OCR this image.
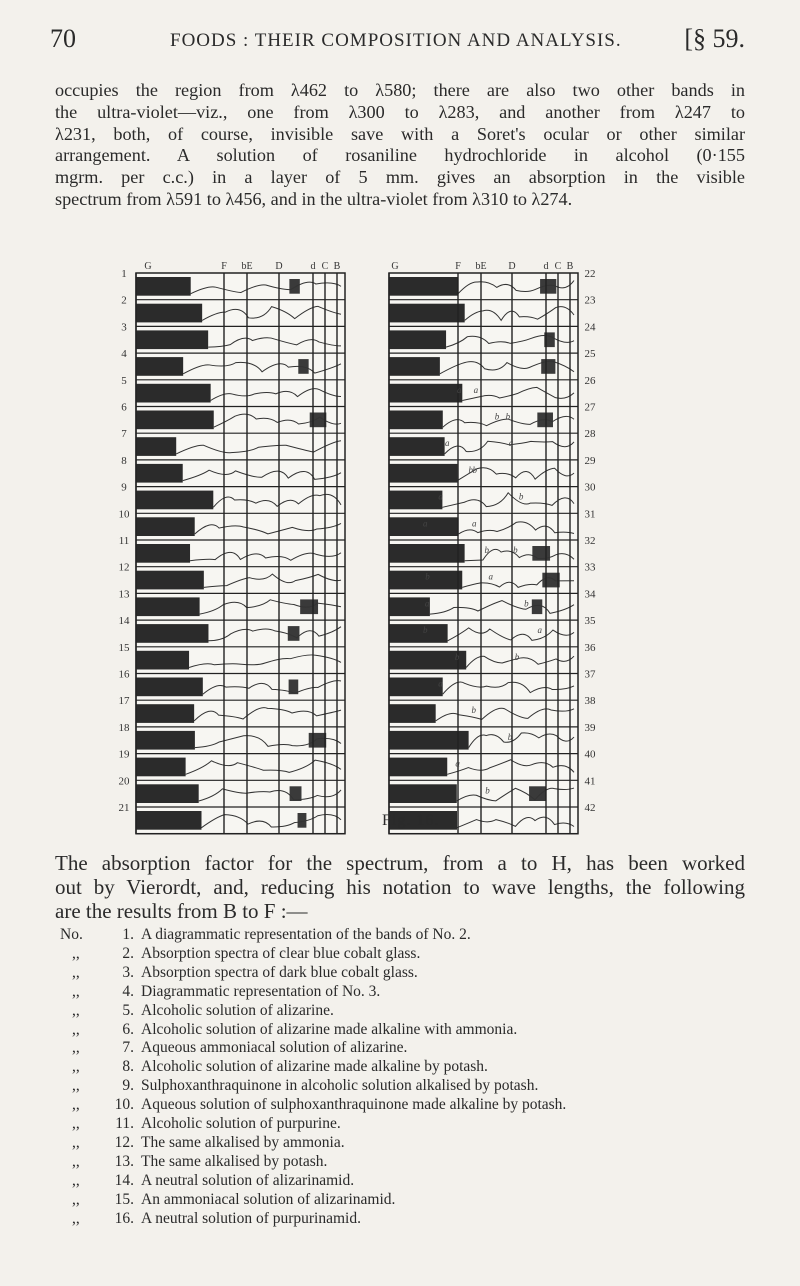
70	FOODS : THEIR COMPOSITION AND ANALYSIS. [§ 59.
occupies the region from λ462 to λ580; there are also two other bands in
the ultra-violet—viz., one from λ300 to λ283, and another from λ247 to
λ231, both, of course, invisible save with a Soret's ocular or other similar
arrangement. A solution of rosaniline hydrochloride in alcohol (0·155
mgrm. per c.c.) in a layer of 5 mm. gives an absorption in the visible
spectrum from λ591 to λ456, and in the ultra-violet from λ310 to λ274.
G	F bE D	d C B
1
2
3
4
5
6
7
8
9
10
11
12
13
14
15
16
17
18
19
20
21
G	F bE D	d C B
22
23
24
25
26
27
28
29
30
31
32
33
34
35
36
37
38
39
40
41
42
a
b
a
b
a
a
b
a
b
a
b
a
b
b
a
b
a
b
a
b
b
a
b
b
a
b
b
Fig. 16.
The absorption factor for the spectrum, from a to H, has been worked
out by Vierordt, and, reducing his notation to wave lengths, the following
are the results from B to F :—
No.	1. A diagrammatic representation of the bands of No. 2.
,,	2. Absorption spectra of clear blue cobalt glass.
,,	3. Absorption spectra of dark blue cobalt glass.
,,	4. Diagrammatic representation of No. 3.
,,	5. Alcoholic solution of alizarine.
,,	6. Alcoholic solution of alizarine made alkaline with ammonia.
,,	7. Aqueous ammoniacal solution of alizarine.
,,	8. Alcoholic solution of alizarine made alkaline by potash.
,,	9. Sulphoxanthraquinone in alcoholic solution alkalised by potash.
,,	10. Aqueous solution of sulphoxanthraquinone made alkaline by potash.
,,	11. Alcoholic solution of purpurine.
,,	12. The same alkalised by ammonia.
,,	13. The same alkalised by potash.
,,	14. A neutral solution of alizarinamid.
,,	15. An ammoniacal solution of alizarinamid.
,,	16. A neutral solution of purpurinamid.
